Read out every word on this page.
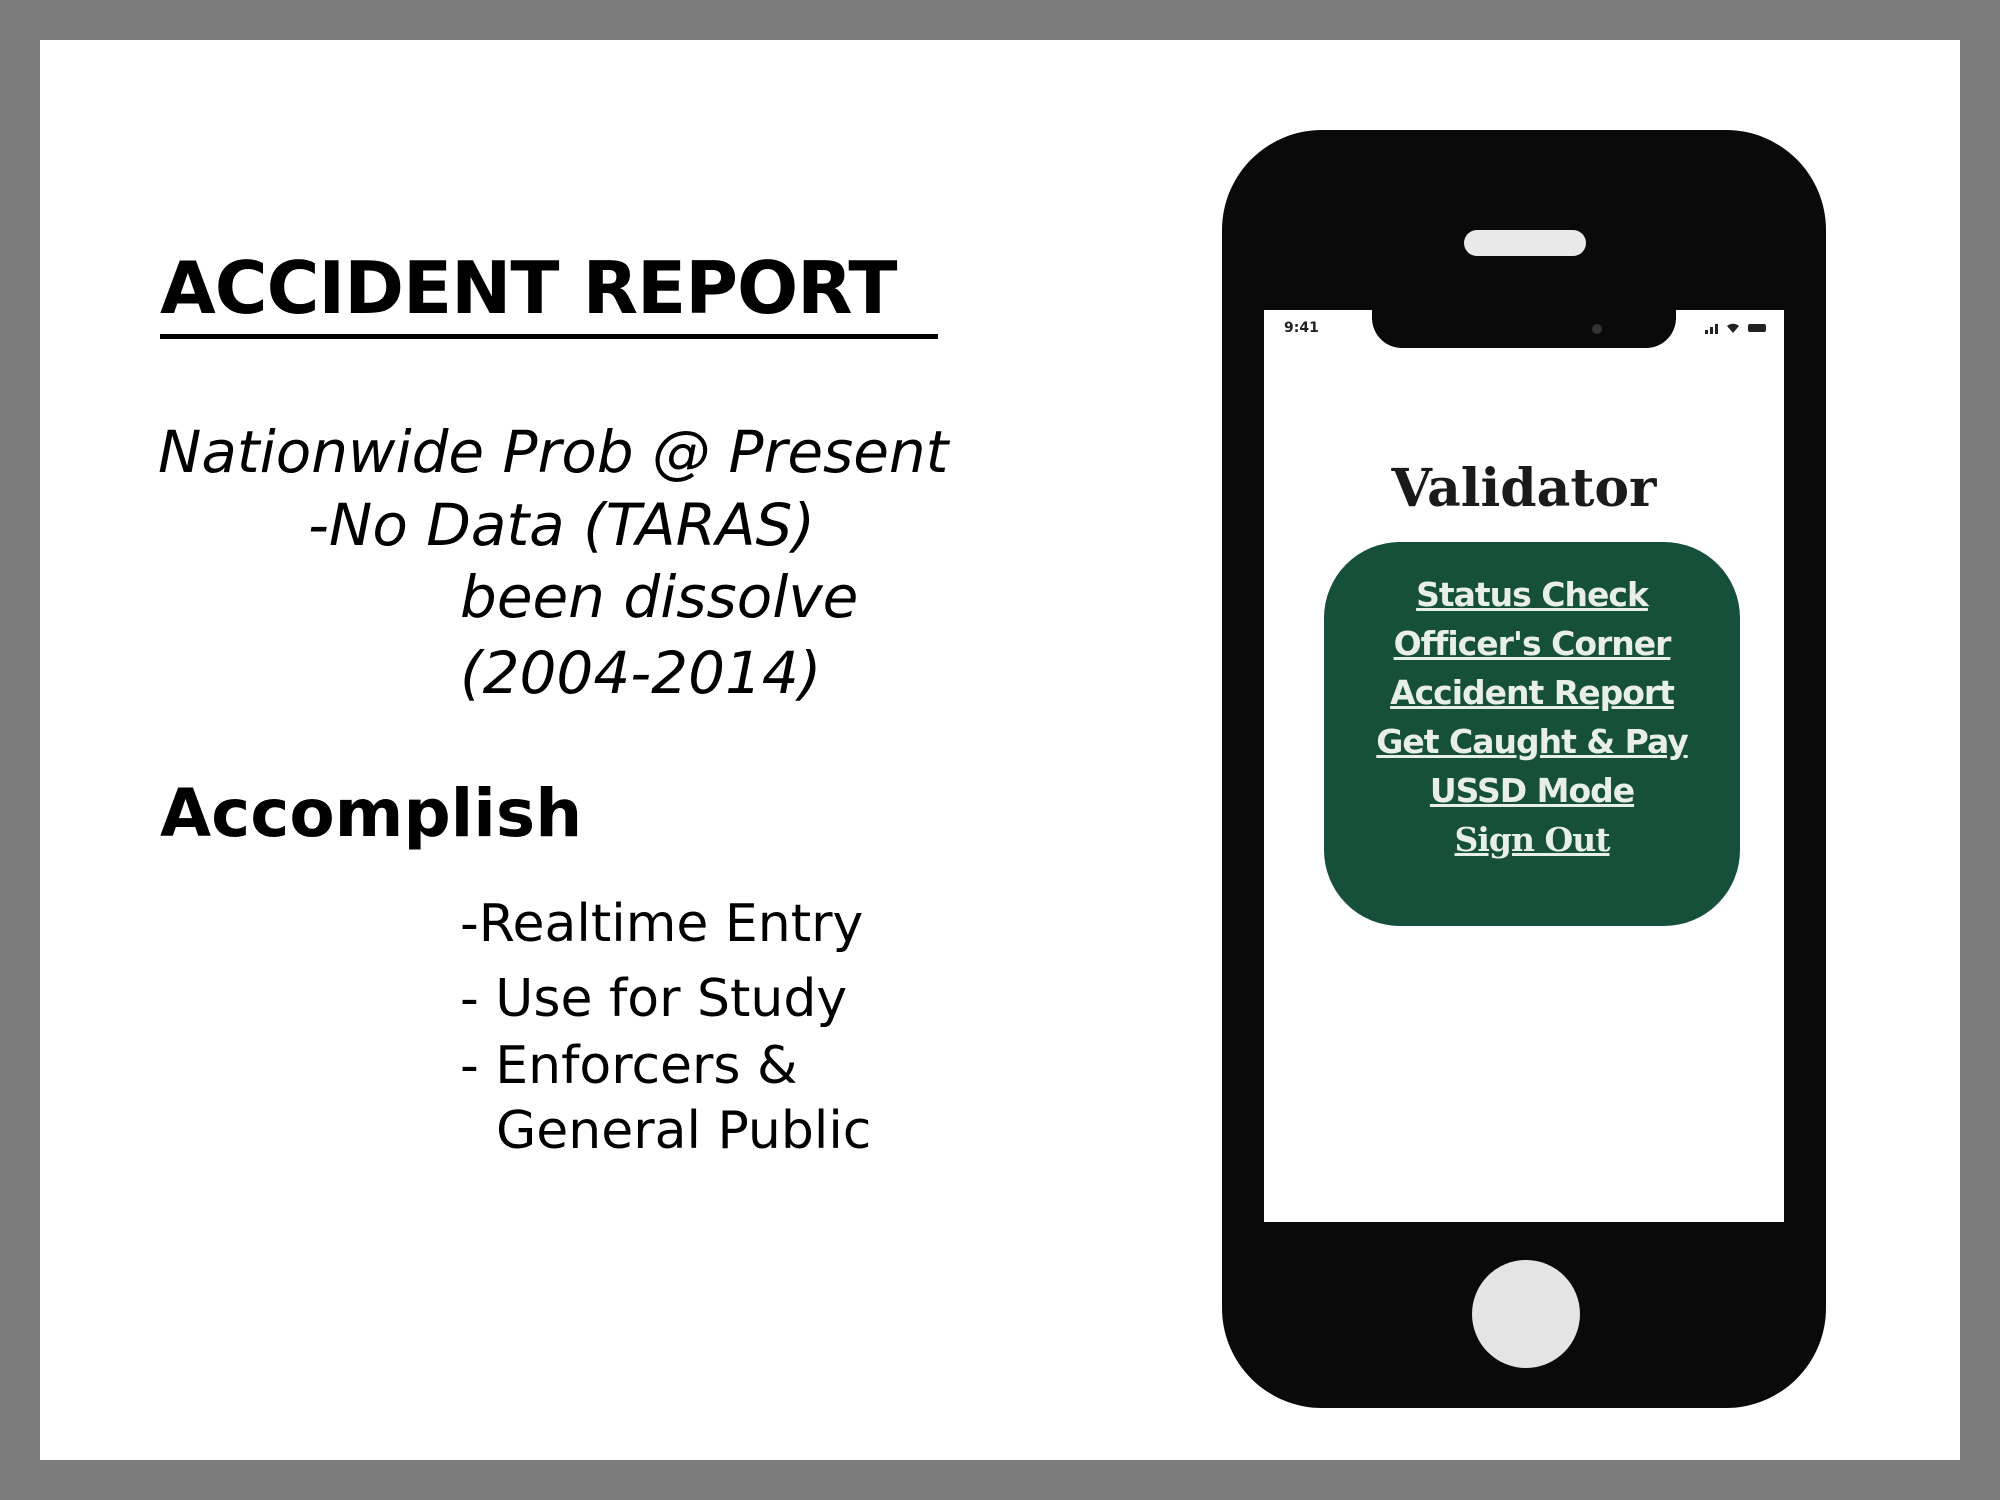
ACCIDENT REPORT
Nationwide Prob @ Present
-No Data (TARAS)
been dissolve
(2004-2014)
Accomplish
-Realtime Entry
- Use for Study
- Enforcers &
General Public
9:41
Validator
Status Check
Officer's Corner
Accident Report
Get Caught & Pay
USSD Mode
Sign Out
